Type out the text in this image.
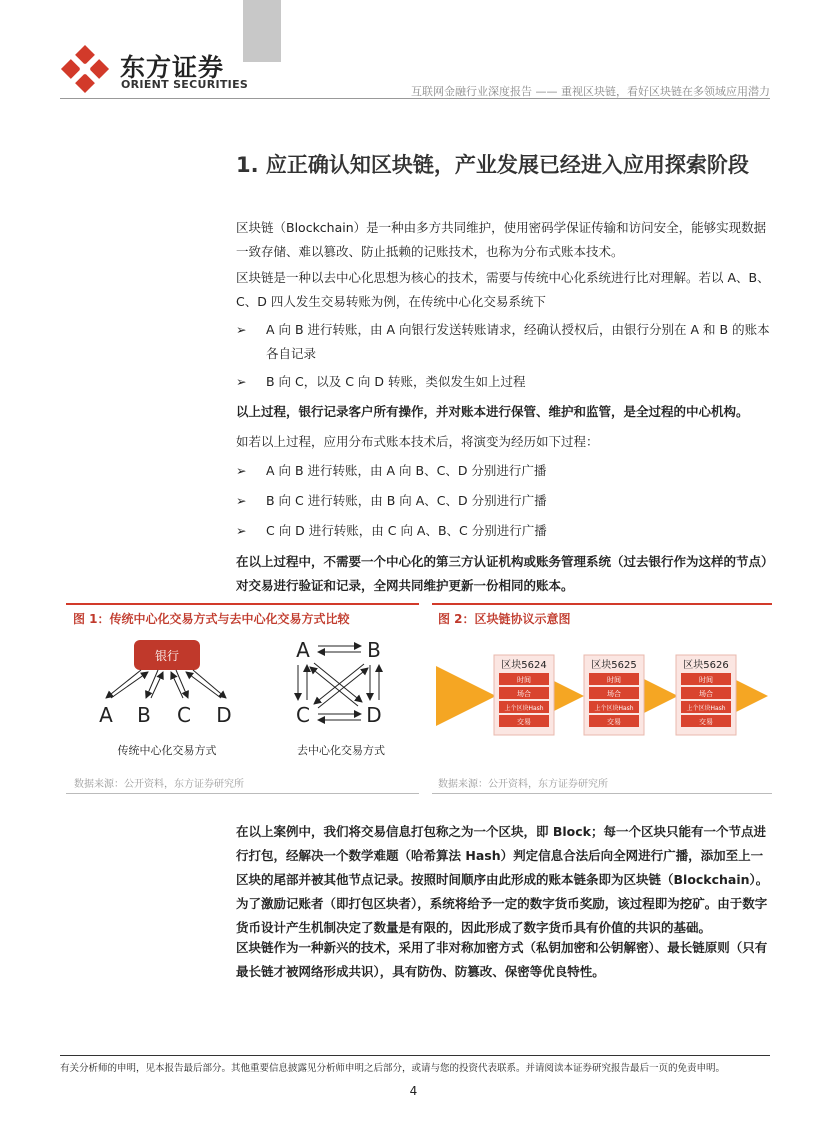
东方证券
ORIENT SECURITIES
互联网金融行业深度报告 —— 重视区块链，看好区块链在多领域应用潜力
1. 应正确认知区块链，产业发展已经进入应用探索阶段
区块链（Blockchain）是一种由多方共同维护，使用密码学保证传输和访问安全，能够实现数据一致存储、难以篡改、防止抵赖的记账技术，也称为分布式账本技术。
区块链是一种以去中心化思想为核心的技术，需要与传统中心化系统进行比对理解。若以 A、B、C、D 四人发生交易转账为例，在传统中心化交易系统下
➢	A 向 B 进行转账，由 A 向银行发送转账请求，经确认授权后，由银行分别在 A 和 B 的账本各自记录
➢	B 向 C，以及 C 向 D 转账，类似发生如上过程
以上过程，银行记录客户所有操作，并对账本进行保管、维护和监管，是全过程的中心机构。
如若以上过程，应用分布式账本技术后，将演变为经历如下过程：
➢	A 向 B 进行转账，由 A 向 B、C、D 分别进行广播
➢	B 向 C 进行转账，由 B 向 A、C、D 分别进行广播
➢	C 向 D 进行转账，由 C 向 A、B、C 分别进行广播
在以上过程中，不需要一个中心化的第三方认证机构或账务管理系统（过去银行作为这样的节点）对交易进行验证和记录，全网共同维护更新一份相同的账本。
图 1：传统中心化交易方式与去中心化交易方式比较
银行
A B C D
传统中心化交易方式
A	B
C	D
去中心化交易方式
数据来源：公开资料，东方证券研究所
图 2：区块链协议示意图
区块5624
时间
场合
上个区块Hash
交易
区块5625
时间
场合
上个区块Hash
交易
区块5626
时间
场合
上个区块Hash
交易
数据来源：公开资料，东方证券研究所
在以上案例中，我们将交易信息打包称之为一个区块，即 Block；每一个区块只能有一个节点进行打包，经解决一个数学难题（哈希算法 Hash）判定信息合法后向全网进行广播，添加至上一区块的尾部并被其他节点记录。按照时间顺序由此形成的账本链条即为区块链（Blockchain）。为了激励记账者（即打包区块者），系统将给予一定的数字货币奖励，该过程即为挖矿。由于数字货币设计产生机制决定了数量是有限的，因此形成了数字货币具有价值的共识的基础。
区块链作为一种新兴的技术，采用了非对称加密方式（私钥加密和公钥解密）、最长链原则（只有最长链才被网络形成共识），具有防伪、防篡改、保密等优良特性。
有关分析师的申明，见本报告最后部分。其他重要信息披露见分析师申明之后部分，或请与您的投资代表联系。并请阅读本证券研究报告最后一页的免责申明。
4
